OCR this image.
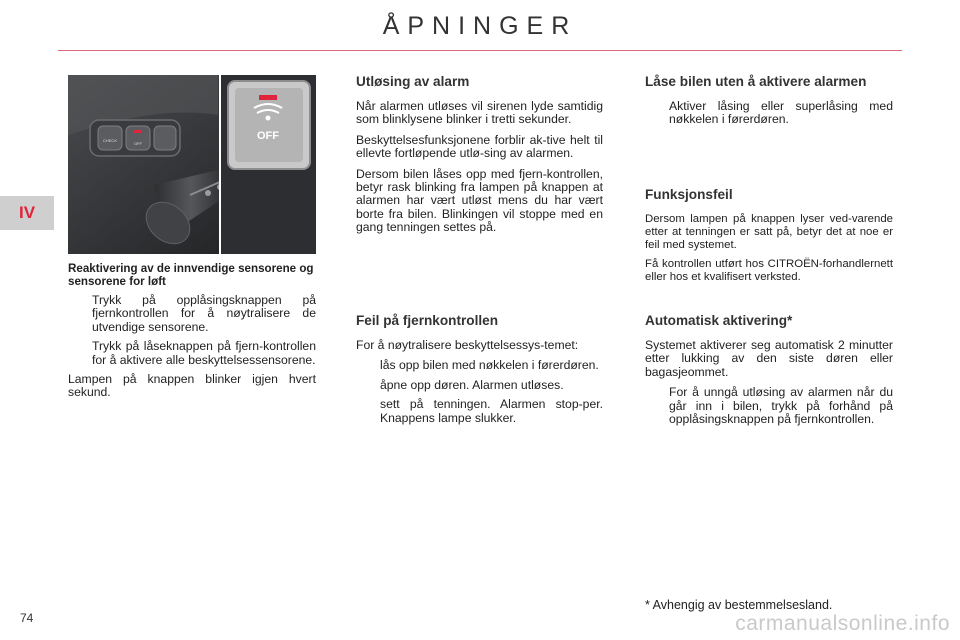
ÅPNINGER
IV
CHECK
OFF
OFF
Reaktivering av de innvendige sensorene og sensorene for løft
Trykk på opplåsingsknappen på fjernkontrollen for å nøytralisere de utvendige sensorene.
Trykk på låseknappen på fjern-kontrollen for å aktivere alle beskyttelsessensorene.

Lampen på knappen blinker igjen hvert sekund.

Utløsing av alarm

Når alarmen utløses vil sirenen lyde samtidig som blinklysene blinker i tretti sekunder.

Beskyttelsesfunksjonene forblir ak-tive helt til ellevte fortløpende utlø-sing av alarmen.

Dersom bilen låses opp med fjern-kontrollen, betyr rask blinking fra lampen på knappen at alarmen har vært utløst mens du har vært borte fra bilen. Blinkingen vil stoppe med en gang tenningen settes på.

Feil på fjernkontrollen

For å nøytralisere beskyttelsessys-temet:

lås opp bilen med nøkkelen i førerdøren.
åpne opp døren. Alarmen utløses.
sett på tenningen. Alarmen stop-per. Knappens lampe slukker.
Låse bilen uten å aktivere alarmen
Aktiver låsing eller superlåsing med nøkkelen i førerdøren.
Funksjonsfeil

Dersom lampen på knappen lyser ved-varende etter at tenningen er satt på, betyr det at noe er feil med systemet.

Få kontrollen utført hos CITROËN-forhandlernett eller hos et kvalifisert verksted.

Automatisk aktivering*

Systemet aktiverer seg automatisk 2 minutter etter lukking av den siste døren eller bagasjeommet.

For å unngå utløsing av alarmen når du går inn i bilen, trykk på forhånd på opplåsingsknappen på fjernkontrollen.
* Avhengig av bestemmelsesland.
74	carmanualsonline.info
